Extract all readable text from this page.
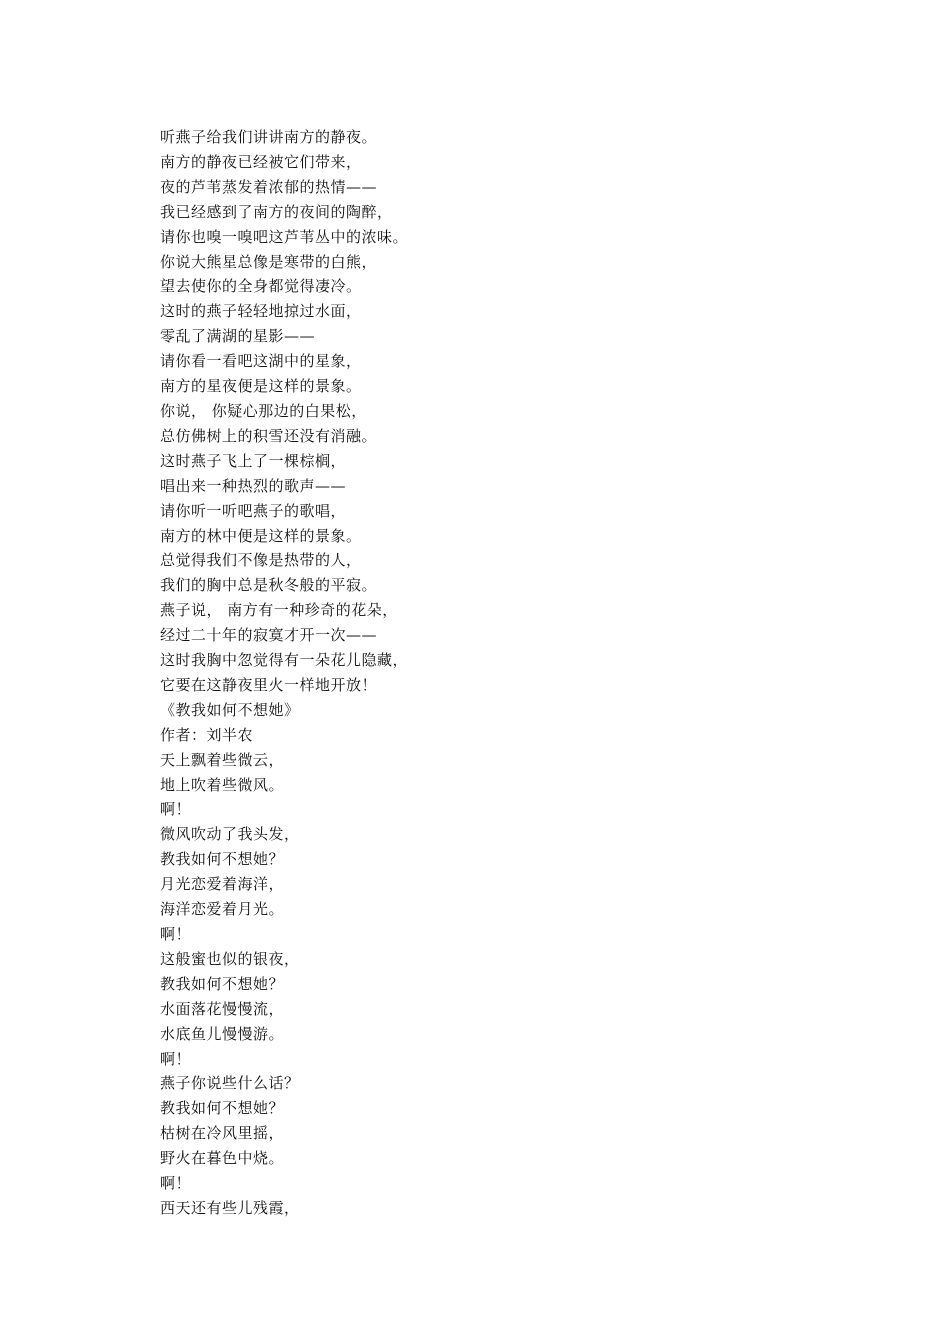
听燕子给我们讲讲南方的静夜。
南方的静夜已经被它们带来，
夜的芦苇蒸发着浓郁的热情——
我已经感到了南方的夜间的陶醉，
请你也嗅一嗅吧这芦苇丛中的浓味。
你说大熊星总像是寒带的白熊，
望去使你的全身都觉得凄冷。
这时的燕子轻轻地掠过水面，
零乱了满湖的星影——
请你看一看吧这湖中的星象，
南方的星夜便是这样的景象。
你说， 你疑心那边的白果松，
总仿佛树上的积雪还没有消融。
这时燕子飞上了一棵棕榈，
唱出来一种热烈的歌声——
请你听一听吧燕子的歌唱，
南方的林中便是这样的景象。
总觉得我们不像是热带的人，
我们的胸中总是秋冬般的平寂。
燕子说， 南方有一种珍奇的花朵，
经过二十年的寂寞才开一次——
这时我胸中忽觉得有一朵花儿隐藏，
它要在这静夜里火一样地开放！
《教我如何不想她》
作者：刘半农
天上飘着些微云，
地上吹着些微风。
啊！
微风吹动了我头发，
教我如何不想她？
月光恋爱着海洋，
海洋恋爱着月光。
啊！
这般蜜也似的银夜，
教我如何不想她？
水面落花慢慢流，
水底鱼儿慢慢游。
啊！
燕子你说些什么话？
教我如何不想她？
枯树在冷风里摇，
野火在暮色中烧。
啊！
西天还有些儿残霞，
